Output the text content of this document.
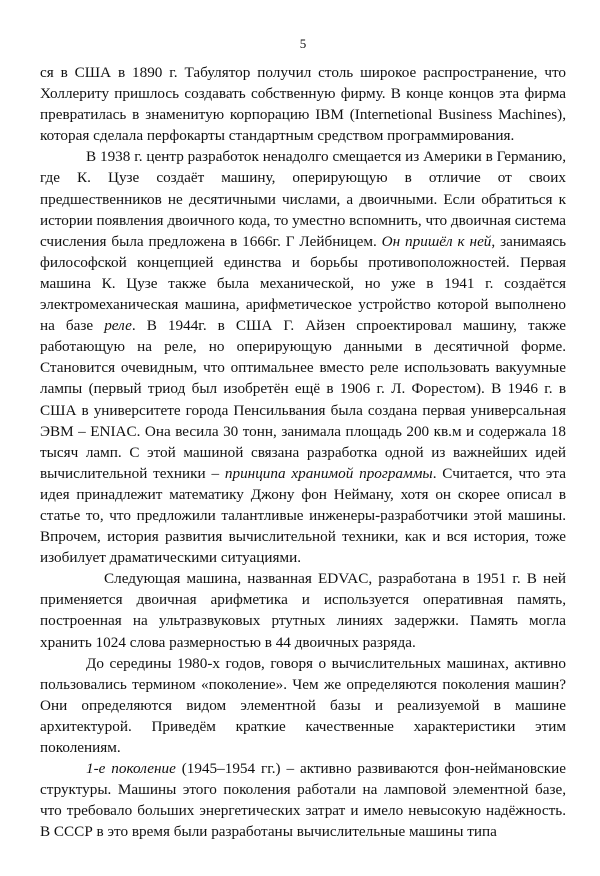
5

ся в США в 1890 г. Табулятор получил столь широкое распространение, что Холлериту пришлось создавать собственную фирму. В конце концов эта фирма превратилась в знаменитую корпорацию IBM (Internetional Business Machines), которая сделала перфокарты стандартным средством программирования.

В 1938 г. центр разработок ненадолго смещается из Америки в Германию, где К. Цузе создаёт машину, оперирующую в отличие от своих предшественников не десятичными числами, а двоичными. Если обратиться к истории появления двоичного кода, то уместно вспомнить, что двоичная система счисления была предложена в 1666г. Г Лейбницем. Он пришёл к ней, занимаясь философской концепцией единства и борьбы противоположностей. Первая машина К. Цузе также была механической, но уже в 1941 г. создаётся электромеханическая машина, арифметическое устройство которой выполнено на базе реле. В 1944г. в США Г. Айзен спроектировал машину, также работающую на реле, но оперирующую данными в десятичной форме. Становится очевидным, что оптимальнее вместо реле использовать вакуумные лампы (первый триод был изобретён ещё в 1906 г. Л. Форестом). В 1946 г. в США в университете города Пенсильвания была создана первая универсальная ЭВМ – ENIAC. Она весила 30 тонн, занимала площадь 200 кв.м и содержала 18 тысяч ламп. С этой машиной связана разработка одной из важнейших идей вычислительной техники – принципа хранимой программы. Считается, что эта идея принадлежит математику Джону фон Нейману, хотя он скорее описал в статье то, что предложили талантливые инженеры-разработчики этой машины. Впрочем, история развития вычислительной техники, как и вся история, тоже изобилует драматическими ситуациями.

Следующая машина, названная EDVAC, разработана в 1951 г. В ней применяется двоичная арифметика и используется оперативная память, построенная на ультразвуковых ртутных линиях задержки. Память могла хранить 1024 слова размерностью в 44 двоичных разряда.

До середины 1980-х годов, говоря о вычислительных машинах, активно пользовались термином «поколение». Чем же определяются поколения машин? Они определяются видом элементной базы и реализуемой в машине архитектурой. Приведём краткие качественные характеристики этим поколениям.

1-е поколение (1945–1954 гг.) – активно развиваются фон-неймановские структуры. Машины этого поколения работали на ламповой элементной базе, что требовало больших энергетических затрат и имело невысокую надёжность. В СССР в это время были разработаны вычислительные машины типа
